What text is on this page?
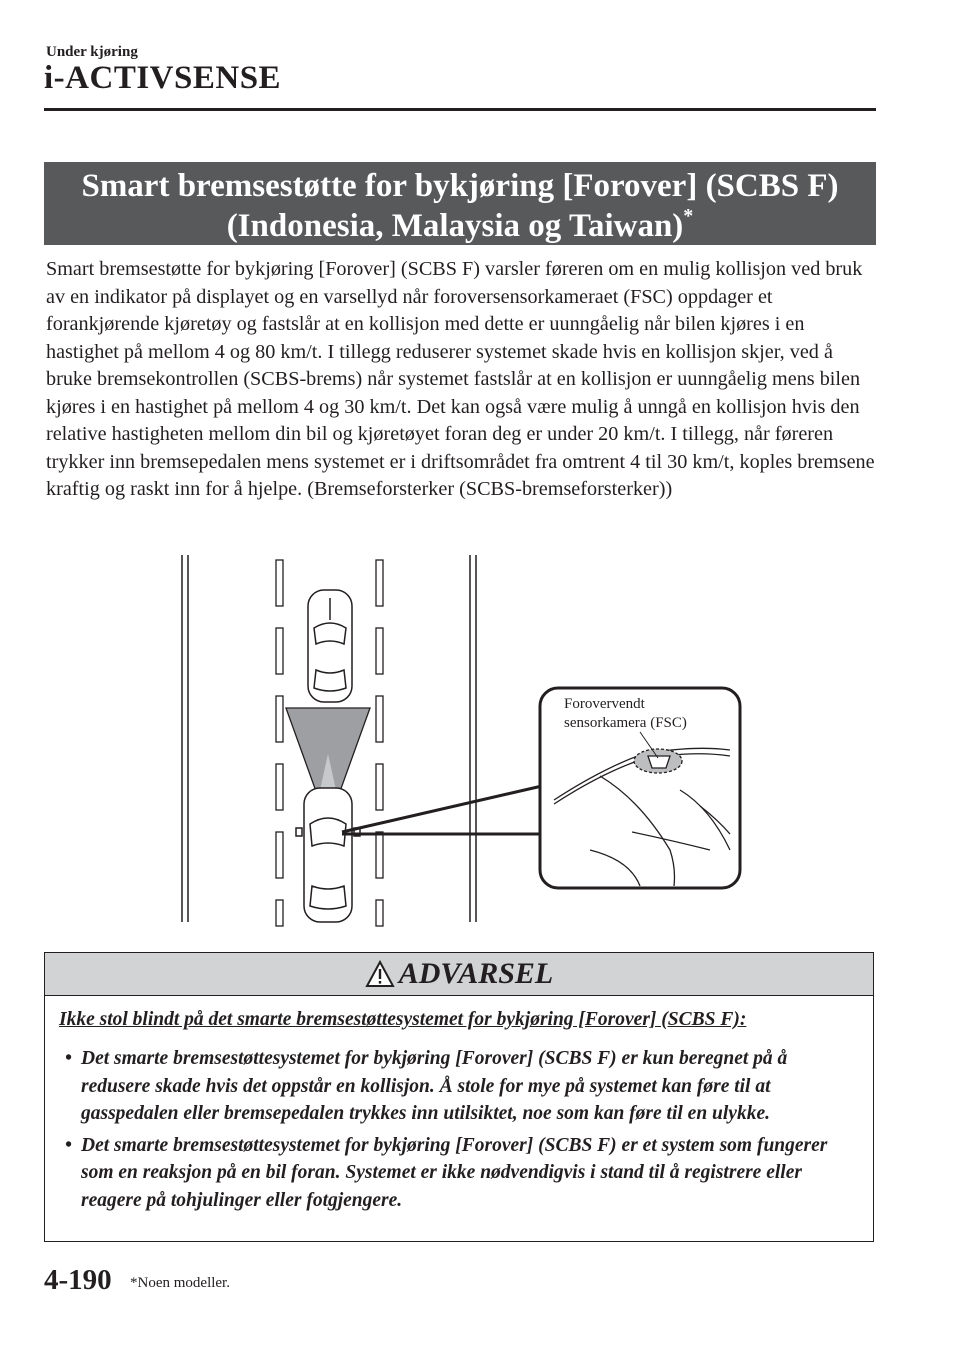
Under kjøring
i-ACTIVSENSE
Smart bremsestøtte for bykjøring [Forover] (SCBS F)
(Indonesia, Malaysia og Taiwan)*

Smart bremsestøtte for bykjøring [Forover] (SCBS F) varsler føreren om en mulig kollisjon ved bruk av en indikator på displayet og en varsellyd når foroversensorkameraet (FSC) oppdager et forankjørende kjøretøy og fastslår at en kollisjon med dette er uunngåelig når bilen kjøres i en hastighet på mellom 4 og 80 km/t. I tillegg reduserer systemet skade hvis en kollisjon skjer, ved å bruke bremsekontrollen (SCBS-brems) når systemet fastslår at en kollisjon er uunngåelig mens bilen kjøres i en hastighet på mellom 4 og 30 km/t. Det kan også være mulig å unngå en kollisjon hvis den relative hastigheten mellom din bil og kjøretøyet foran deg er under 20 km/t. I tillegg, når føreren trykker inn bremsepedalen mens systemet er i driftsområdet fra omtrent 4 til 30 km/t, koples bremsene kraftig og raskt inn for å hjelpe. (Bremseforsterker (SCBS-bremseforsterker))

Forovervendt
sensorkamera (FSC)
ADVARSEL
Ikke stol blindt på det smarte bremsestøttesystemet for bykjøring [Forover] (SCBS F):
• Det smarte bremsestøttesystemet for bykjøring [Forover] (SCBS F) er kun beregnet på å redusere skade hvis det oppstår en kollisjon. Å stole for mye på systemet kan føre til at gasspedalen eller bremsepedalen trykkes inn utilsiktet, noe som kan føre til en ulykke.
• Det smarte bremsestøttesystemet for bykjøring [Forover] (SCBS F) er et system som fungerer som en reaksjon på en bil foran. Systemet er ikke nødvendigvis i stand til å registrere eller reagere på tohjulinger eller fotgjengere.
4-190 *Noen modeller.
